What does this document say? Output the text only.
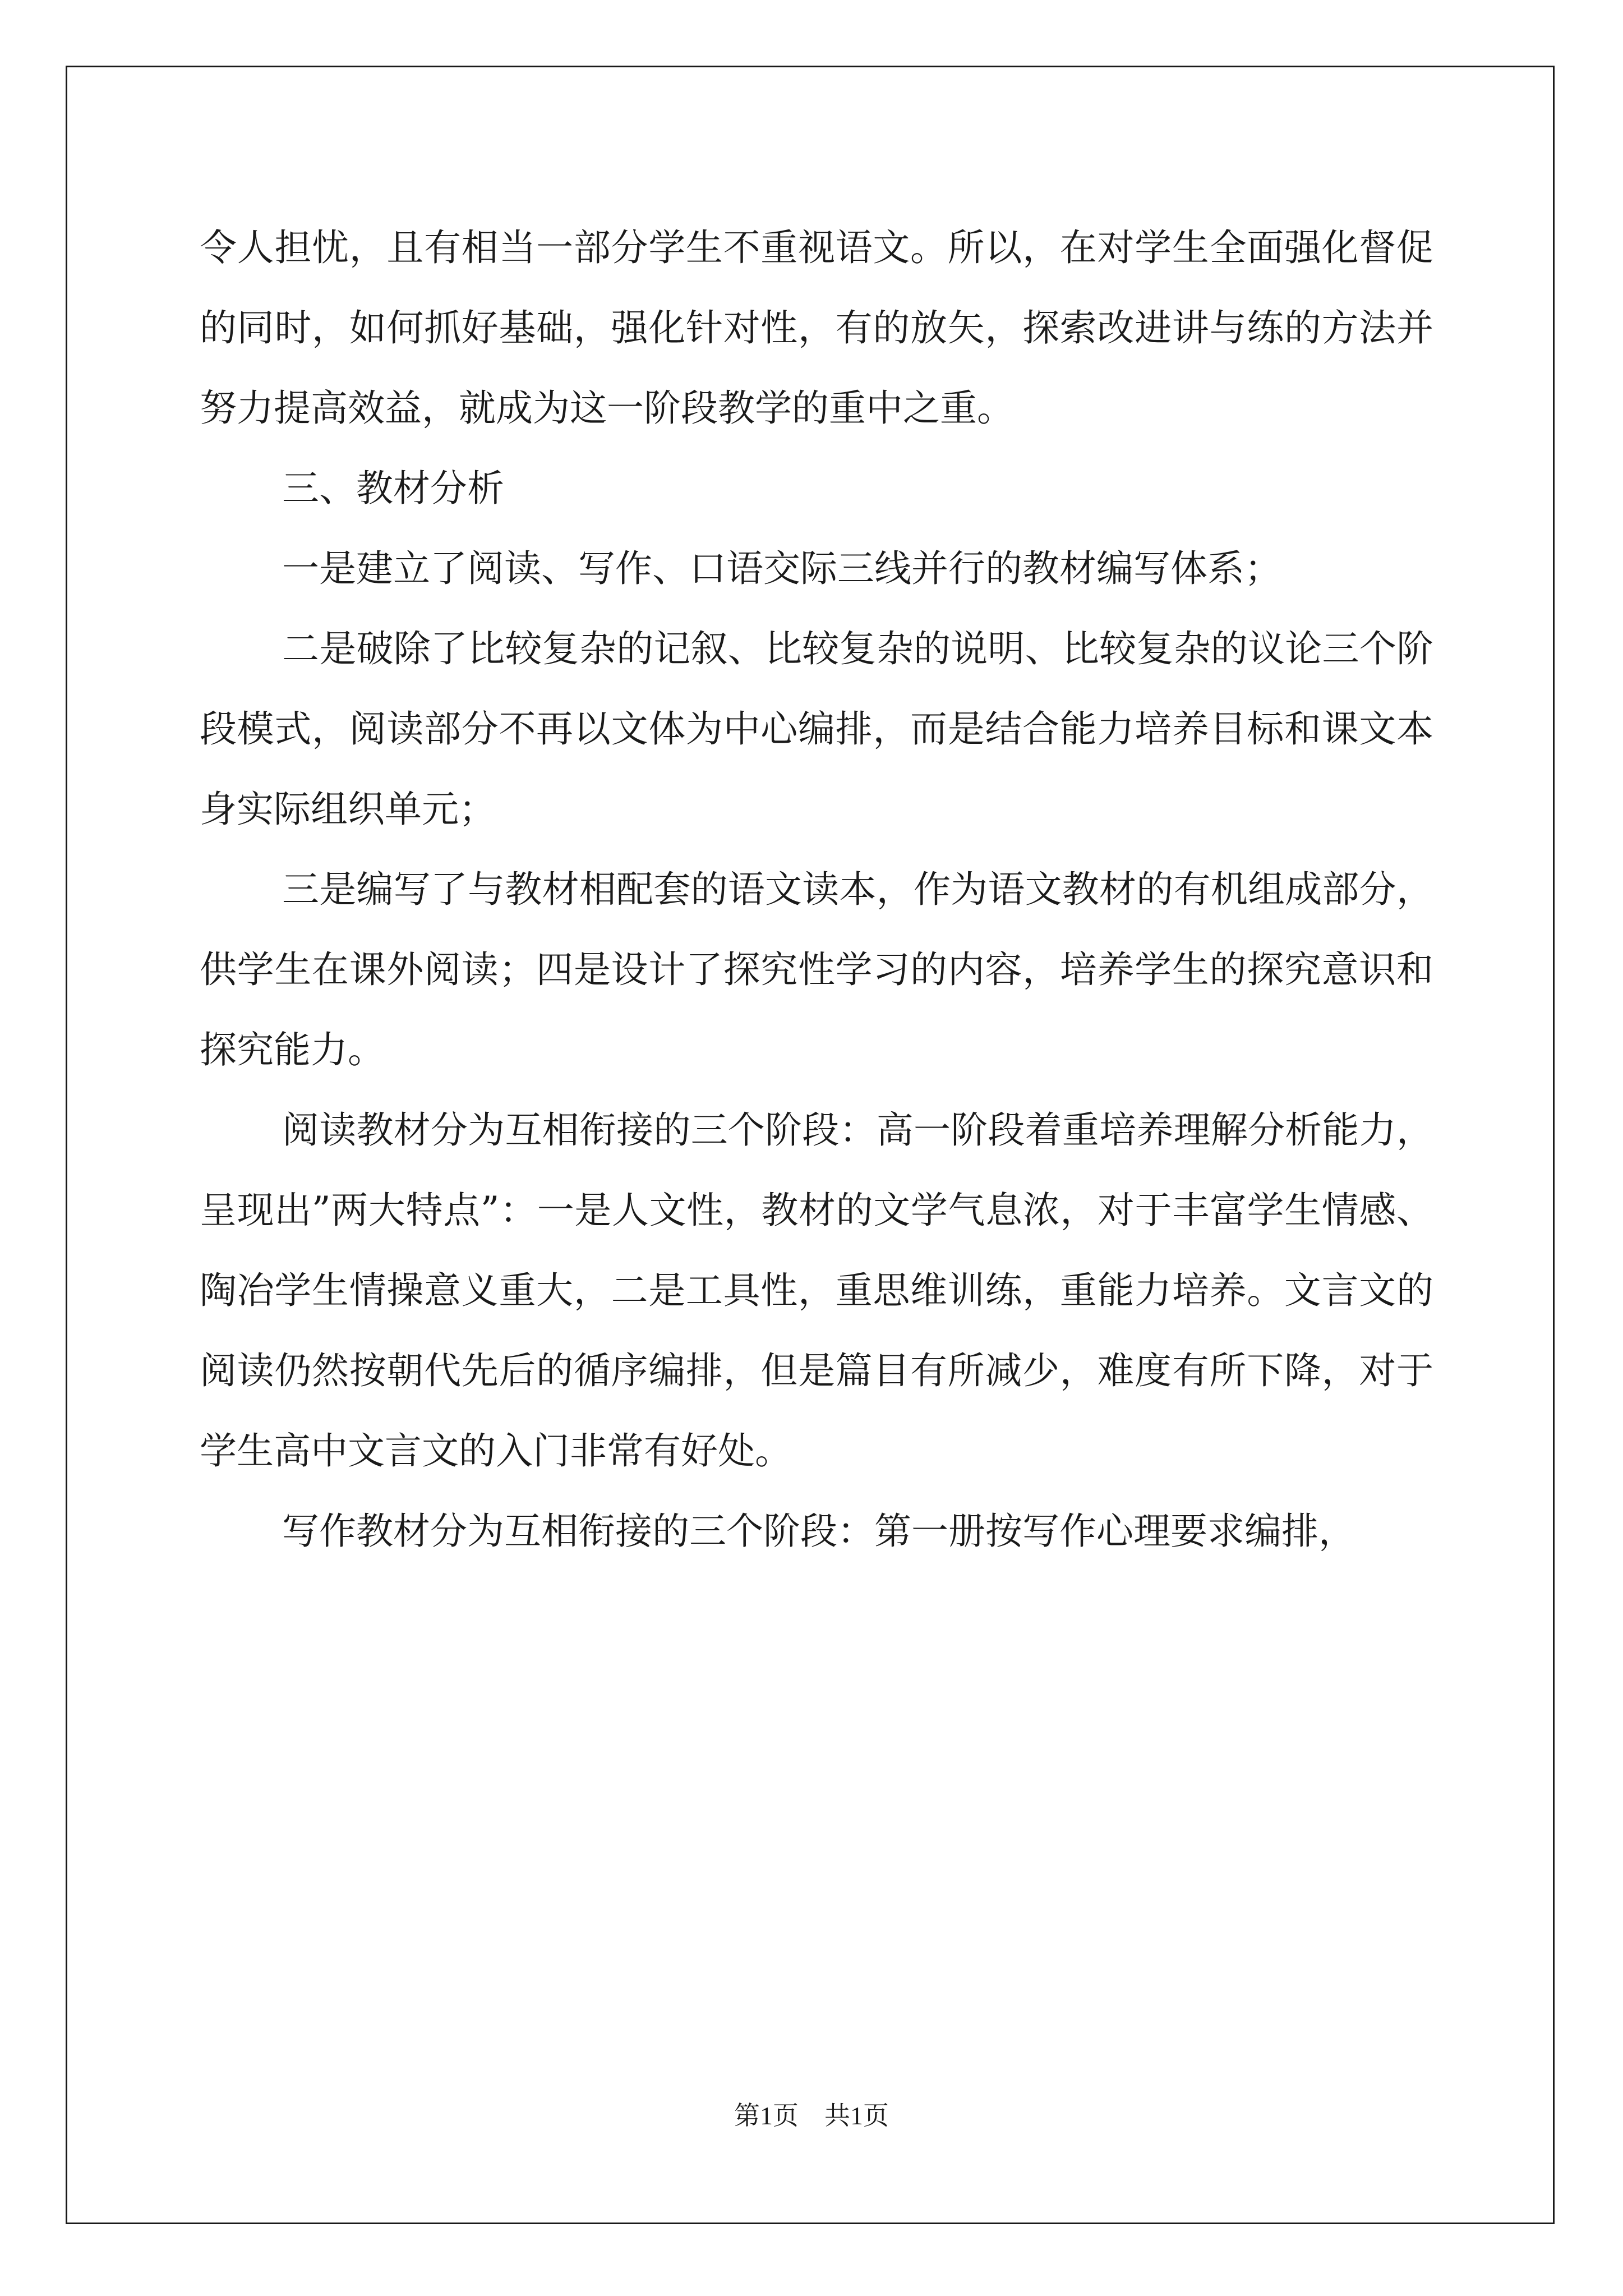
令人担忧，且有相当一部分学生不重视语文。所以，在对学生全面强化督促的同时，如何抓好基础，强化针对性，有的放矢，探索改进讲与练的方法并努力提高效益，就成为这一阶段教学的重中之重。

三、教材分析

一是建立了阅读、写作、口语交际三线并行的教材编写体系；

二是破除了比较复杂的记叙、比较复杂的说明、比较复杂的议论三个阶段模式，阅读部分不再以文体为中心编排，而是结合能力培养目标和课文本身实际组织单元；

三是编写了与教材相配套的语文读本，作为语文教材的有机组成部分，供学生在课外阅读；四是设计了探究性学习的内容，培养学生的探究意识和探究能力。

阅读教材分为互相衔接的三个阶段：高一阶段着重培养理解分析能力，呈现出”两大特点”：一是人文性，教材的文学气息浓，对于丰富学生情感、陶冶学生情操意义重大，二是工具性，重思维训练，重能力培养。文言文的阅读仍然按朝代先后的循序编排，但是篇目有所减少，难度有所下降，对于学生高中文言文的入门非常有好处。

写作教材分为互相衔接的三个阶段：第一册按写作心理要求编排，

第1页 共1页
